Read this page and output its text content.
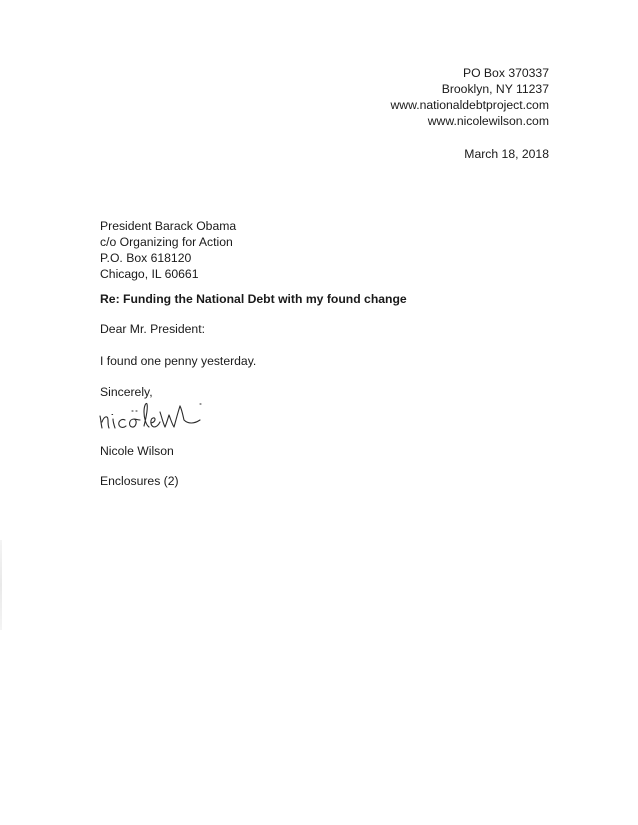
PO Box 370337
Brooklyn, NY 11237
www.nationaldebtproject.com
www.nicolewilson.com
March 18, 2018
President Barack Obama
c/o Organizing for Action
P.O. Box 618120
Chicago, IL 60661
Re: Funding the National Debt with my found change
Dear Mr. President:
I found one penny yesterday.
Sincerely,
Nicole Wilson
Enclosures (2)
